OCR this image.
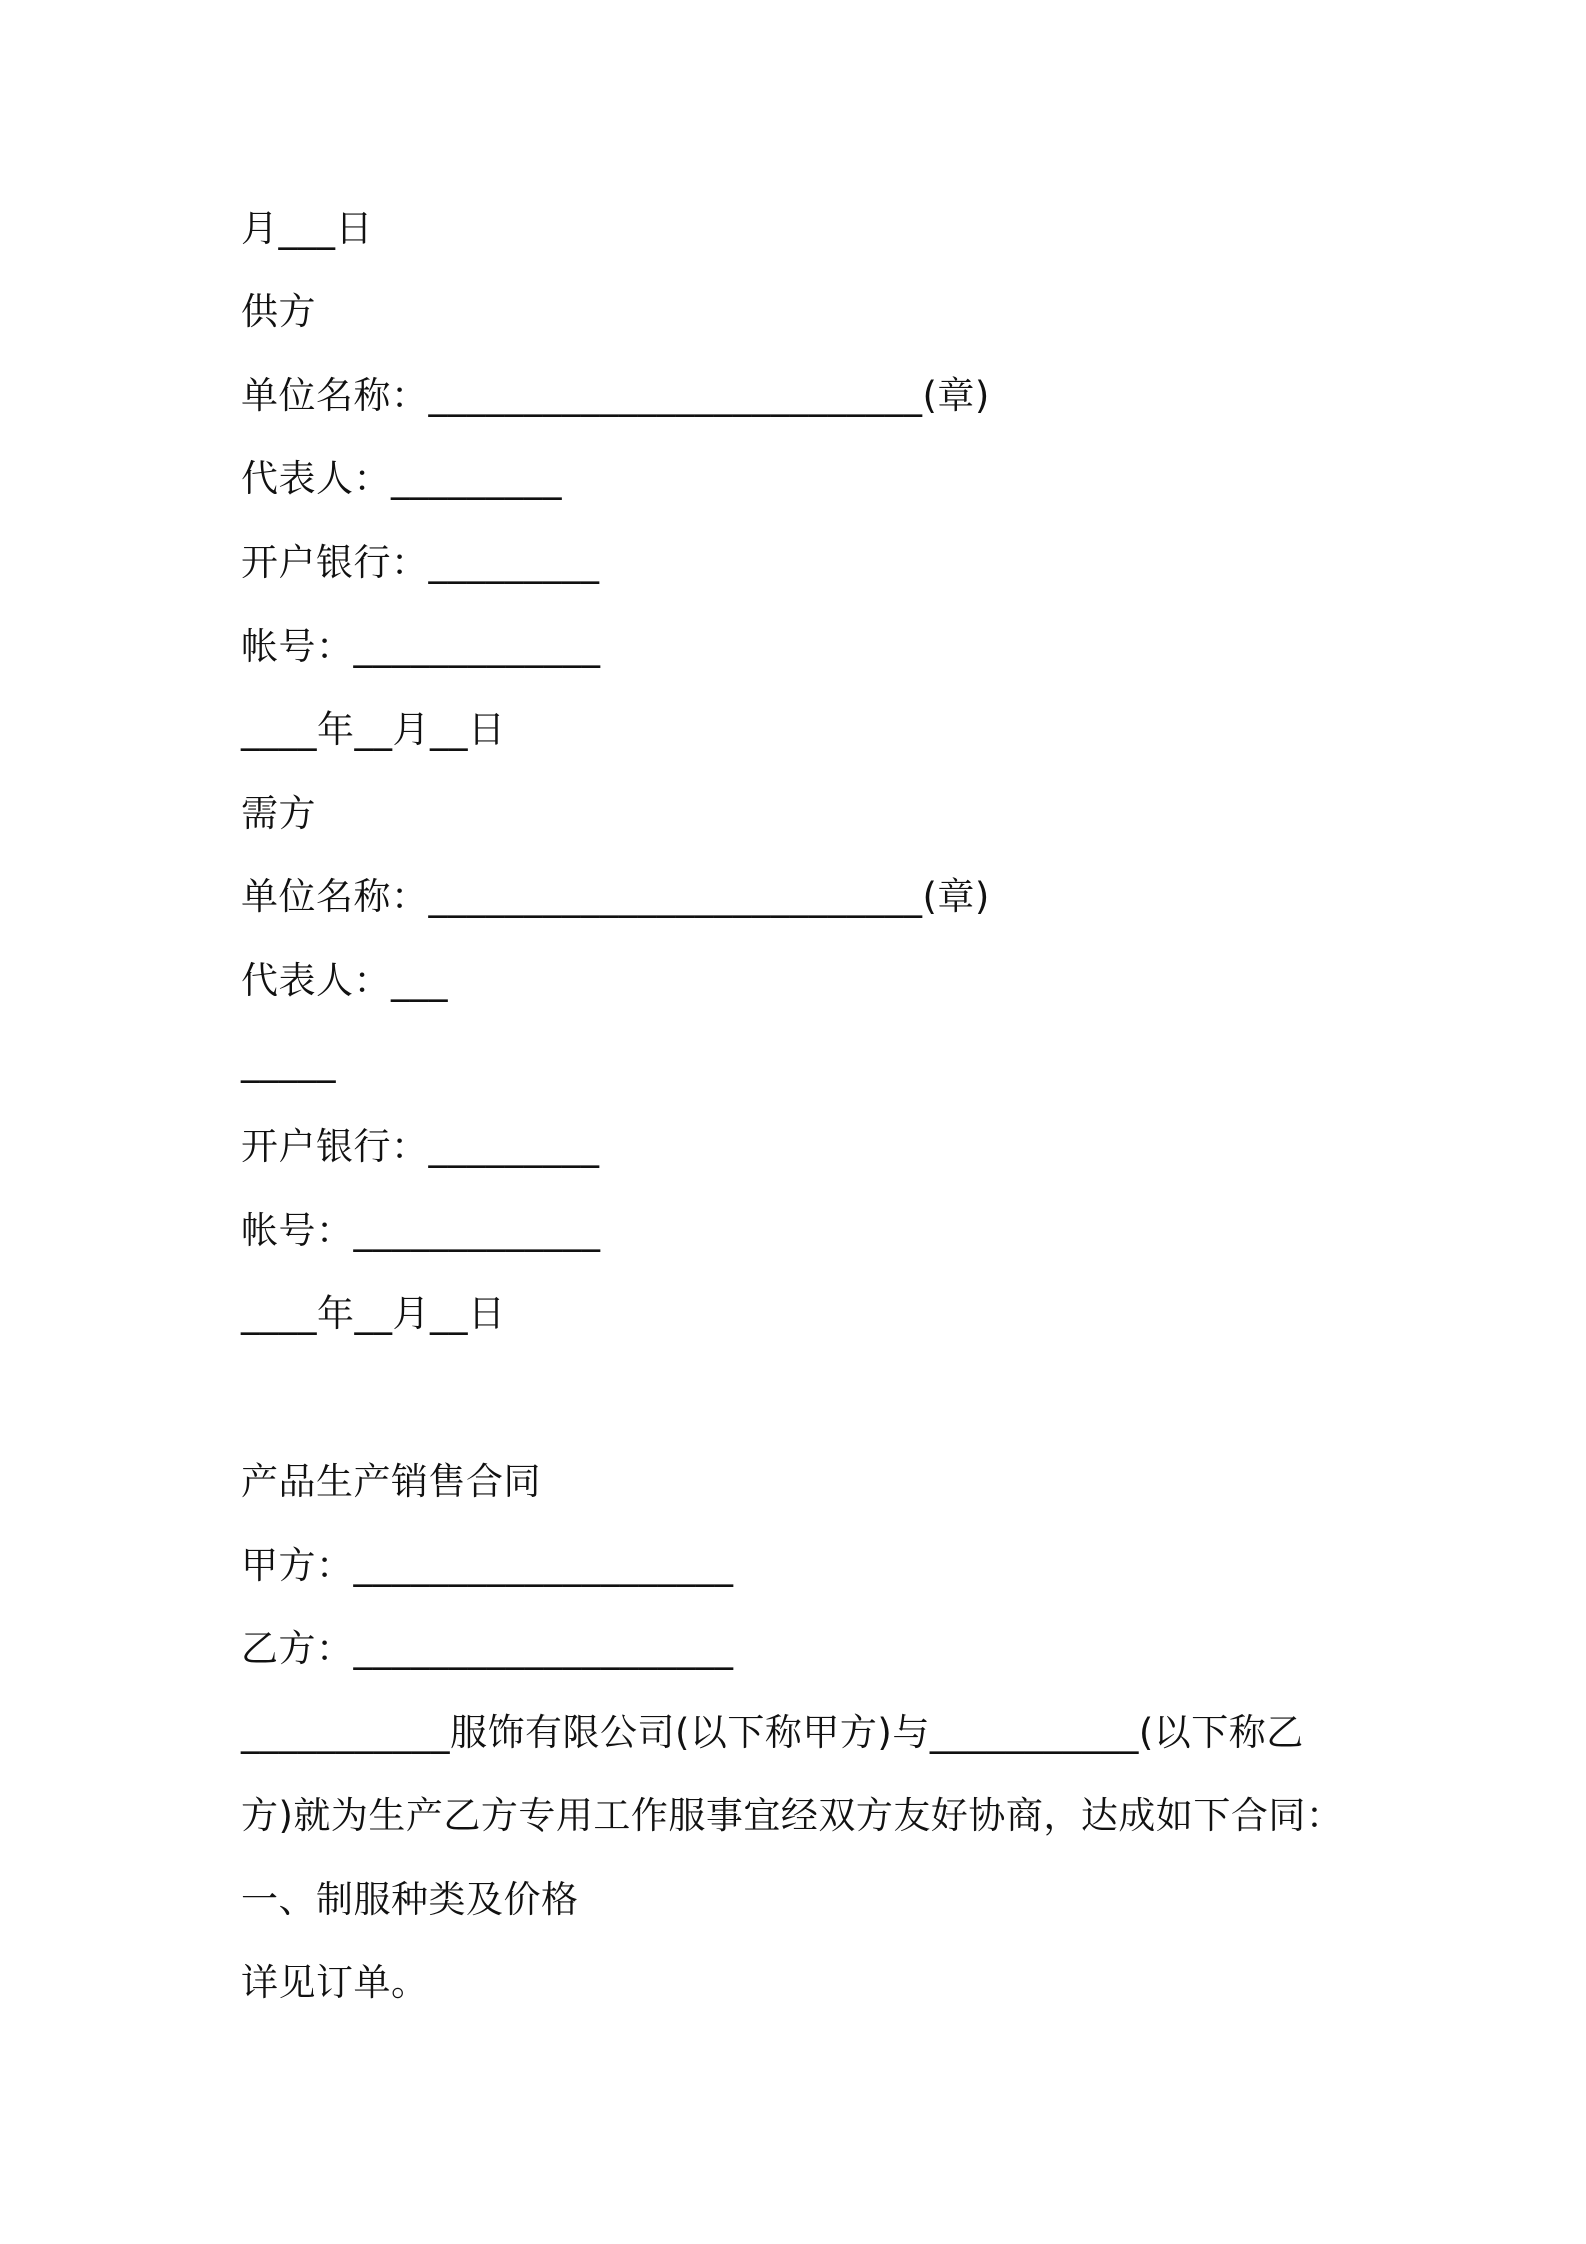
月___日
供方
单位名称：__________________________(章)
代表人：_________
开户银行：_________
帐号：_____________
____年__月__日
需方
单位名称：__________________________(章)
代表人：___
_____
开户银行：_________
帐号：_____________
____年__月__日
产品生产销售合同
甲方：____________________
乙方：____________________
___________服饰有限公司(以下称甲方)与___________(以下称乙
方)就为生产乙方专用工作服事宜经双方友好协商，达成如下合同：
一、制服种类及价格
详见订单。
